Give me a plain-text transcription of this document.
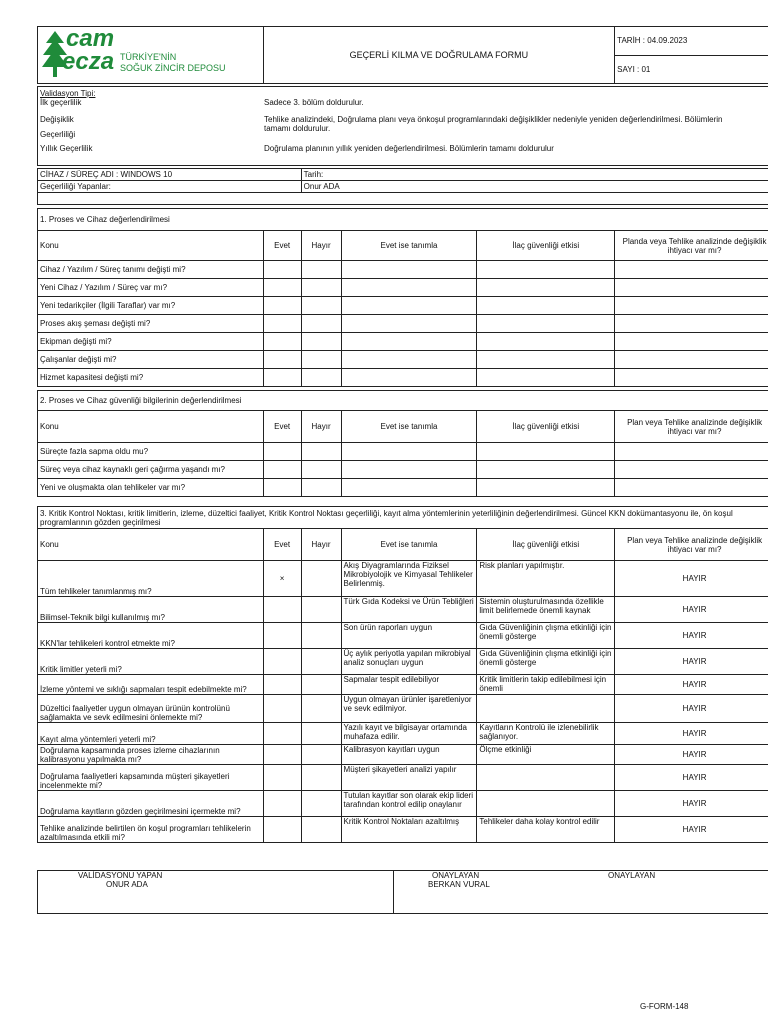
cam
ecza TÜRKİYE'NİN
SOĞUK ZİNCİR DEPOSU
	GEÇERLİ KILMA VE DOĞRULAMA FORMU	TARİH : 04.09.2023
SAYI : 01
Validasyon Tipi:
İlk geçerlilik	Sadece 3. bölüm doldurulur.
Değişiklik	Tehlike analizindeki, Doğrulama planı veya önkoşul programlarındaki değişiklikler nedeniyle yeniden değerlendirilmesi. Bölümlerin tamamı doldurulur.
Geçerliliği
Yıllık Geçerlilik	Doğrulama planının yıllık yeniden değerlendirilmesi. Bölümlerin tamamı doldurulur
CİHAZ / SÜREÇ ADI : WINDOWS 10	Tarih:
Geçerliliği Yapanlar:	Onur ADA

1. Proses ve Cihaz değerlendirilmesi					
Konu	Evet	Hayır	Evet ise tanımla	İlaç güvenliği etkisi	Planda veya Tehlike analizinde değişiklik ihtiyacı var mı?
Cihaz / Yazılım / Süreç tanımı değişti mi?					
Yeni Cihaz / Yazılım / Süreç var mı?					
Yeni tedarikçiler (İlgili Taraflar) var mı?					
Proses akış şeması değişti mi?					
Ekipman değişti mi?					
Çalışanlar değişti mi?					
Hizmet kapasitesi değişti mi?					
2. Proses ve Cihaz güvenliği bilgilerinin değerlendirilmesi					
Konu	Evet	Hayır	Evet ise tanımla	İlaç güvenliği etkisi	Plan veya Tehlike analizinde değişiklik ihtiyacı var mı?
Süreçte fazla sapma oldu mu?					
Süreç veya cihaz kaynaklı geri çağırma yaşandı mı?					
Yeni ve oluşmakta olan tehlikeler var mı?					
3. Kritik Kontrol Noktası, kritik limitlerin, izleme, düzeltici faaliyet, Kritik Kontrol Noktası geçerliliği, kayıt alma yöntemlerinin yeterliliğinin değerlendirilmesi. Güncel KKN dokümantasyonu ile, ön koşul programlarının gözden geçirilmesi					
Konu	Evet	Hayır	Evet ise tanımla	İlaç güvenliği etkisi	Plan veya Tehlike analizinde değişiklik ihtiyacı var mı?
Tüm tehlikeler tanımlanmış mı?	×		Akış Diyagramlarında Fiziksel Mikrobiyolojik ve Kimyasal Tehlikeler Belirlenmiş.	Risk planları yapılmıştır.	HAYIR
Bilimsel-Teknik bilgi kullanılmış mı?			Türk Gıda Kodeksi ve Ürün Tebliğleri	Sistemin oluşturulmasında özellikle limit belirlemede önemli kaynak	HAYIR
KKN'lar tehlikeleri kontrol etmekte mi?			Son ürün raporları uygun	Gıda Güvenliğinin çlışma etkinliği için önemli gösterge	HAYIR
Kritik limitler yeterli mi?			Üç aylık periyotla yapılan mikrobiyal analiz sonuçları uygun	Gıda Güvenliğinin çlışma etkinliği için önemli gösterge	HAYIR
İzleme yöntemi ve sıklığı sapmaları tespit edebilmekte mi?			Sapmalar tespit edilebiliyor	Kritik limitlerin takip edilebilmesi için önemli	HAYIR
Düzeltici faaliyetler uygun olmayan ürünün kontrolünü sağlamakta ve sevk edilmesini önlemekte mi?			Uygun olmayan ürünler işaretleniyor ve sevk edilmiyor.		HAYIR
Kayıt alma yöntemleri yeterli mi?			Yazılı kayıt ve bilgisayar ortamında muhafaza edilir.	Kayıtların Kontrolü ile izlenebilirlik sağlanıyor.	HAYIR
Doğrulama kapsamında proses izleme cihazlarının kalibrasyonu yapılmakta mı?			Kalibrasyon kayıtları uygun	Ölçme etkinliği	HAYIR
Doğrulama faaliyetleri kapsamında müşteri şikayetleri incelenmekte mi?			Müşteri şikayetleri analizi yapılır		HAYIR
Doğrulama kayıtların gözden geçirilmesini içermekte mi?			Tutulan kayıtlar son olarak ekip lideri tarafından kontrol edilip onaylanır		HAYIR
Tehlike analizinde belirtilen ön koşul programları tehlikelerin azaltılmasında etkili mi?			Kritik Kontrol Noktaları azaltılmış	Tehlikeler daha kolay kontrol edilir	HAYIR
VALİDASYONU YAPAN
ONUR ADA
ONAYLAYAN
BERKAN VURAL
ONAYLAYAN
G-FORM-148
